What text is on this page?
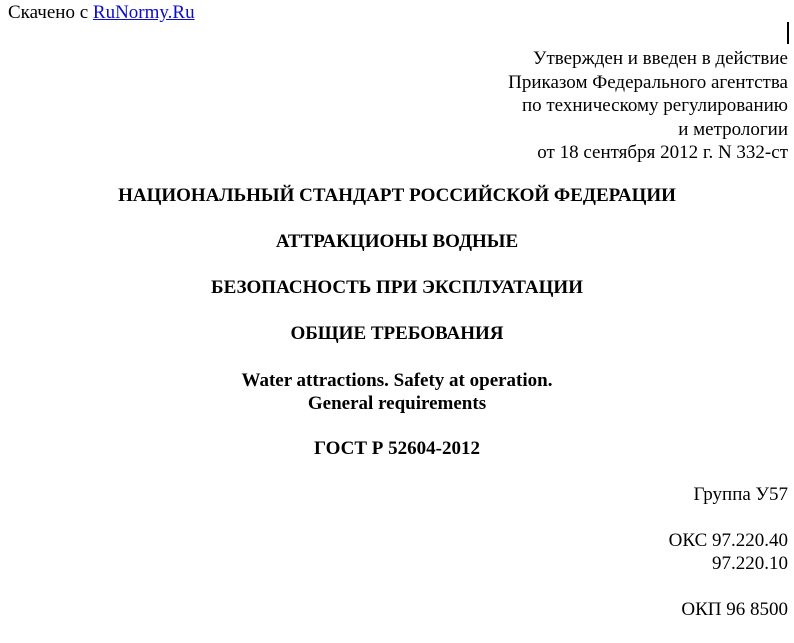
Скачено с RuNormy.Ru
Утвержден и введен в действие
Приказом Федерального агентства
по техническому регулированию
и метрологии
от 18 сентября 2012 г. N 332-ст
НАЦИОНАЛЬНЫЙ СТАНДАРТ РОССИЙСКОЙ ФЕДЕРАЦИИ
АТТРАКЦИОНЫ ВОДНЫЕ
БЕЗОПАСНОСТЬ ПРИ ЭКСПЛУАТАЦИИ
ОБЩИЕ ТРЕБОВАНИЯ
Water attractions. Safety at operation.
General requirements
ГОСТ Р 52604-2012
Группа У57
ОКС 97.220.40
97.220.10
ОКП 96 8500
